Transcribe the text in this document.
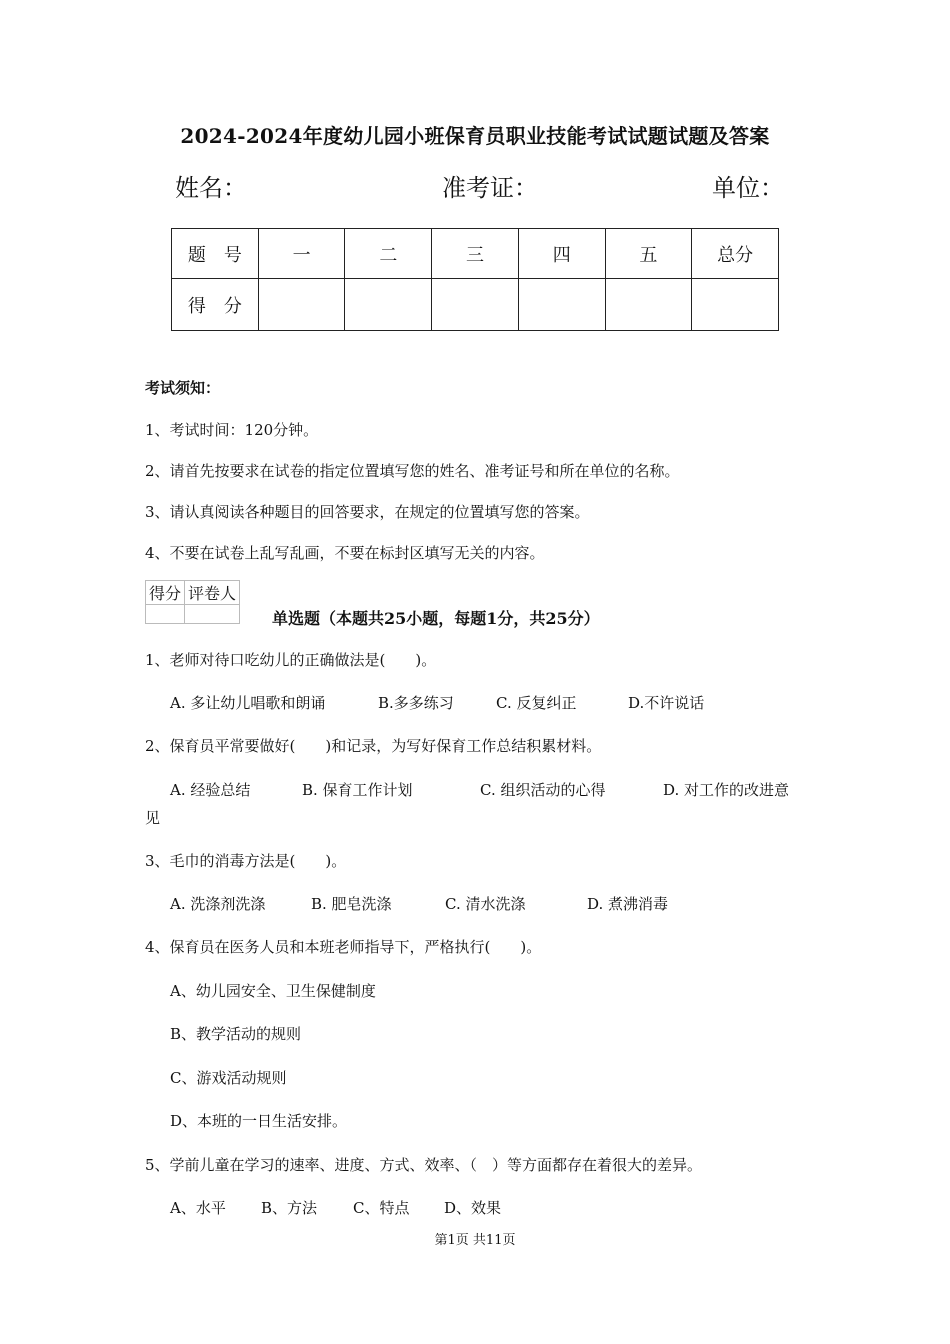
2024-2024年度幼儿园小班保育员职业技能考试试题试题及答案
姓名：	准考证：	单位：
题　号	一	二	三	四	五	总分
得　分						
考试须知：
1、考试时间：120分钟。
2、请首先按要求在试卷的指定位置填写您的姓名、准考证号和所在单位的名称。
3、请认真阅读各种题目的回答要求，在规定的位置填写您的答案。
4、不要在试卷上乱写乱画，不要在标封区填写无关的内容。
得分	评卷人

单选题（本题共25小题，每题1分，共25分）
1、老师对待口吃幼儿的正确做法是(　　)。
A. 多让幼儿唱歌和朗诵	B.多多练习	C. 反复纠正	D.不许说话
2、保育员平常要做好(　　)和记录，为写好保育工作总结积累材料。
A. 经验总结	B. 保育工作计划	C. 组织活动的心得	D. 对工作的改进意
见
3、毛巾的消毒方法是(　　)。
A. 洗涤剂洗涤	B. 肥皂洗涤	C. 清水洗涤	D. 煮沸消毒
4、保育员在医务人员和本班老师指导下，严格执行(　　)。
A、幼儿园安全、卫生保健制度
B、教学活动的规则
C、游戏活动规则
D、本班的一日生活安排。
5、学前儿童在学习的速率、进度、方式、效率、（　）等方面都存在着很大的差异。
A、水平 B、方法 C、特点 D、效果
第1页 共11页
